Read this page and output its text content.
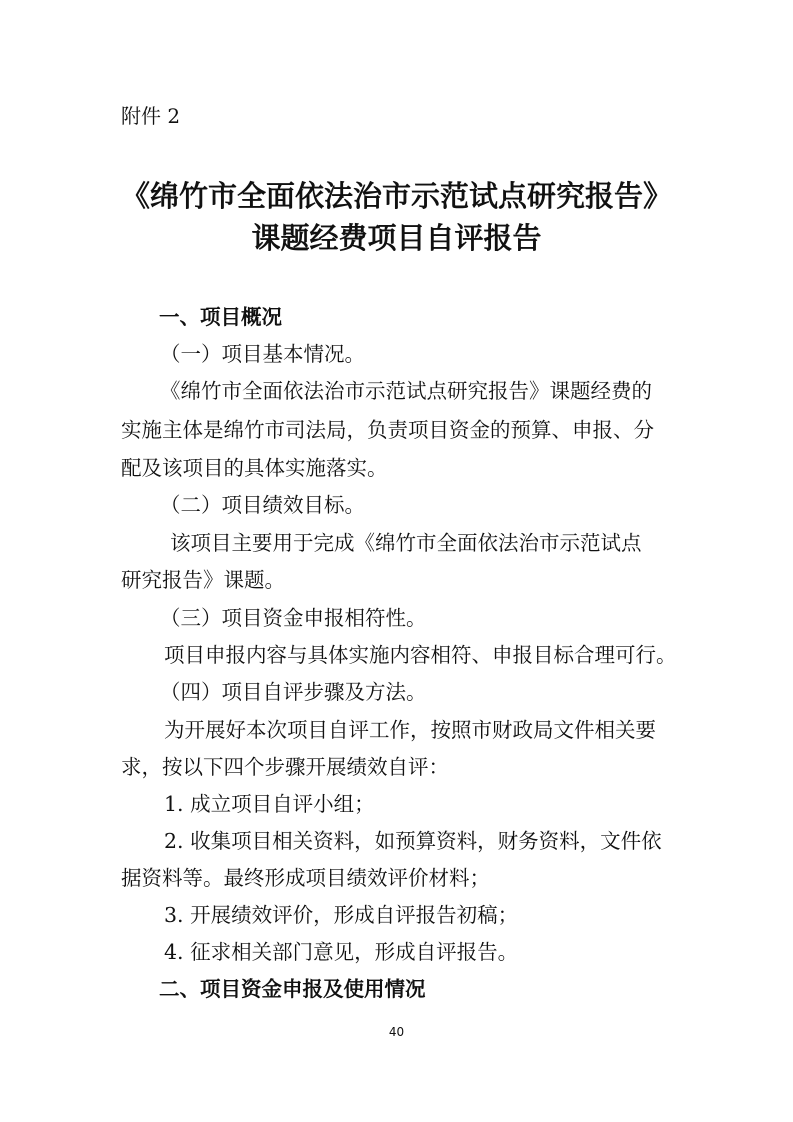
附件 2
《绵竹市全面依法治市示范试点研究报告》
课题经费项目自评报告
一、项目概况
（一）项目基本情况。
《绵竹市全面依法治市示范试点研究报告》课题经费的
实施主体是绵竹市司法局，负责项目资金的预算、申报、分
配及该项目的具体实施落实。
（二）项目绩效目标。
该项目主要用于完成《绵竹市全面依法治市示范试点
研究报告》课题。
（三）项目资金申报相符性。
项目申报内容与具体实施内容相符、申报目标合理可行。
（四）项目自评步骤及方法。
为开展好本次项目自评工作，按照市财政局文件相关要
求，按以下四个步骤开展绩效自评：
1. 成立项目自评小组；
2. 收集项目相关资料，如预算资料，财务资料，文件依
据资料等。最终形成项目绩效评价材料；
3. 开展绩效评价，形成自评报告初稿；
4. 征求相关部门意见，形成自评报告。
二、项目资金申报及使用情况
40
